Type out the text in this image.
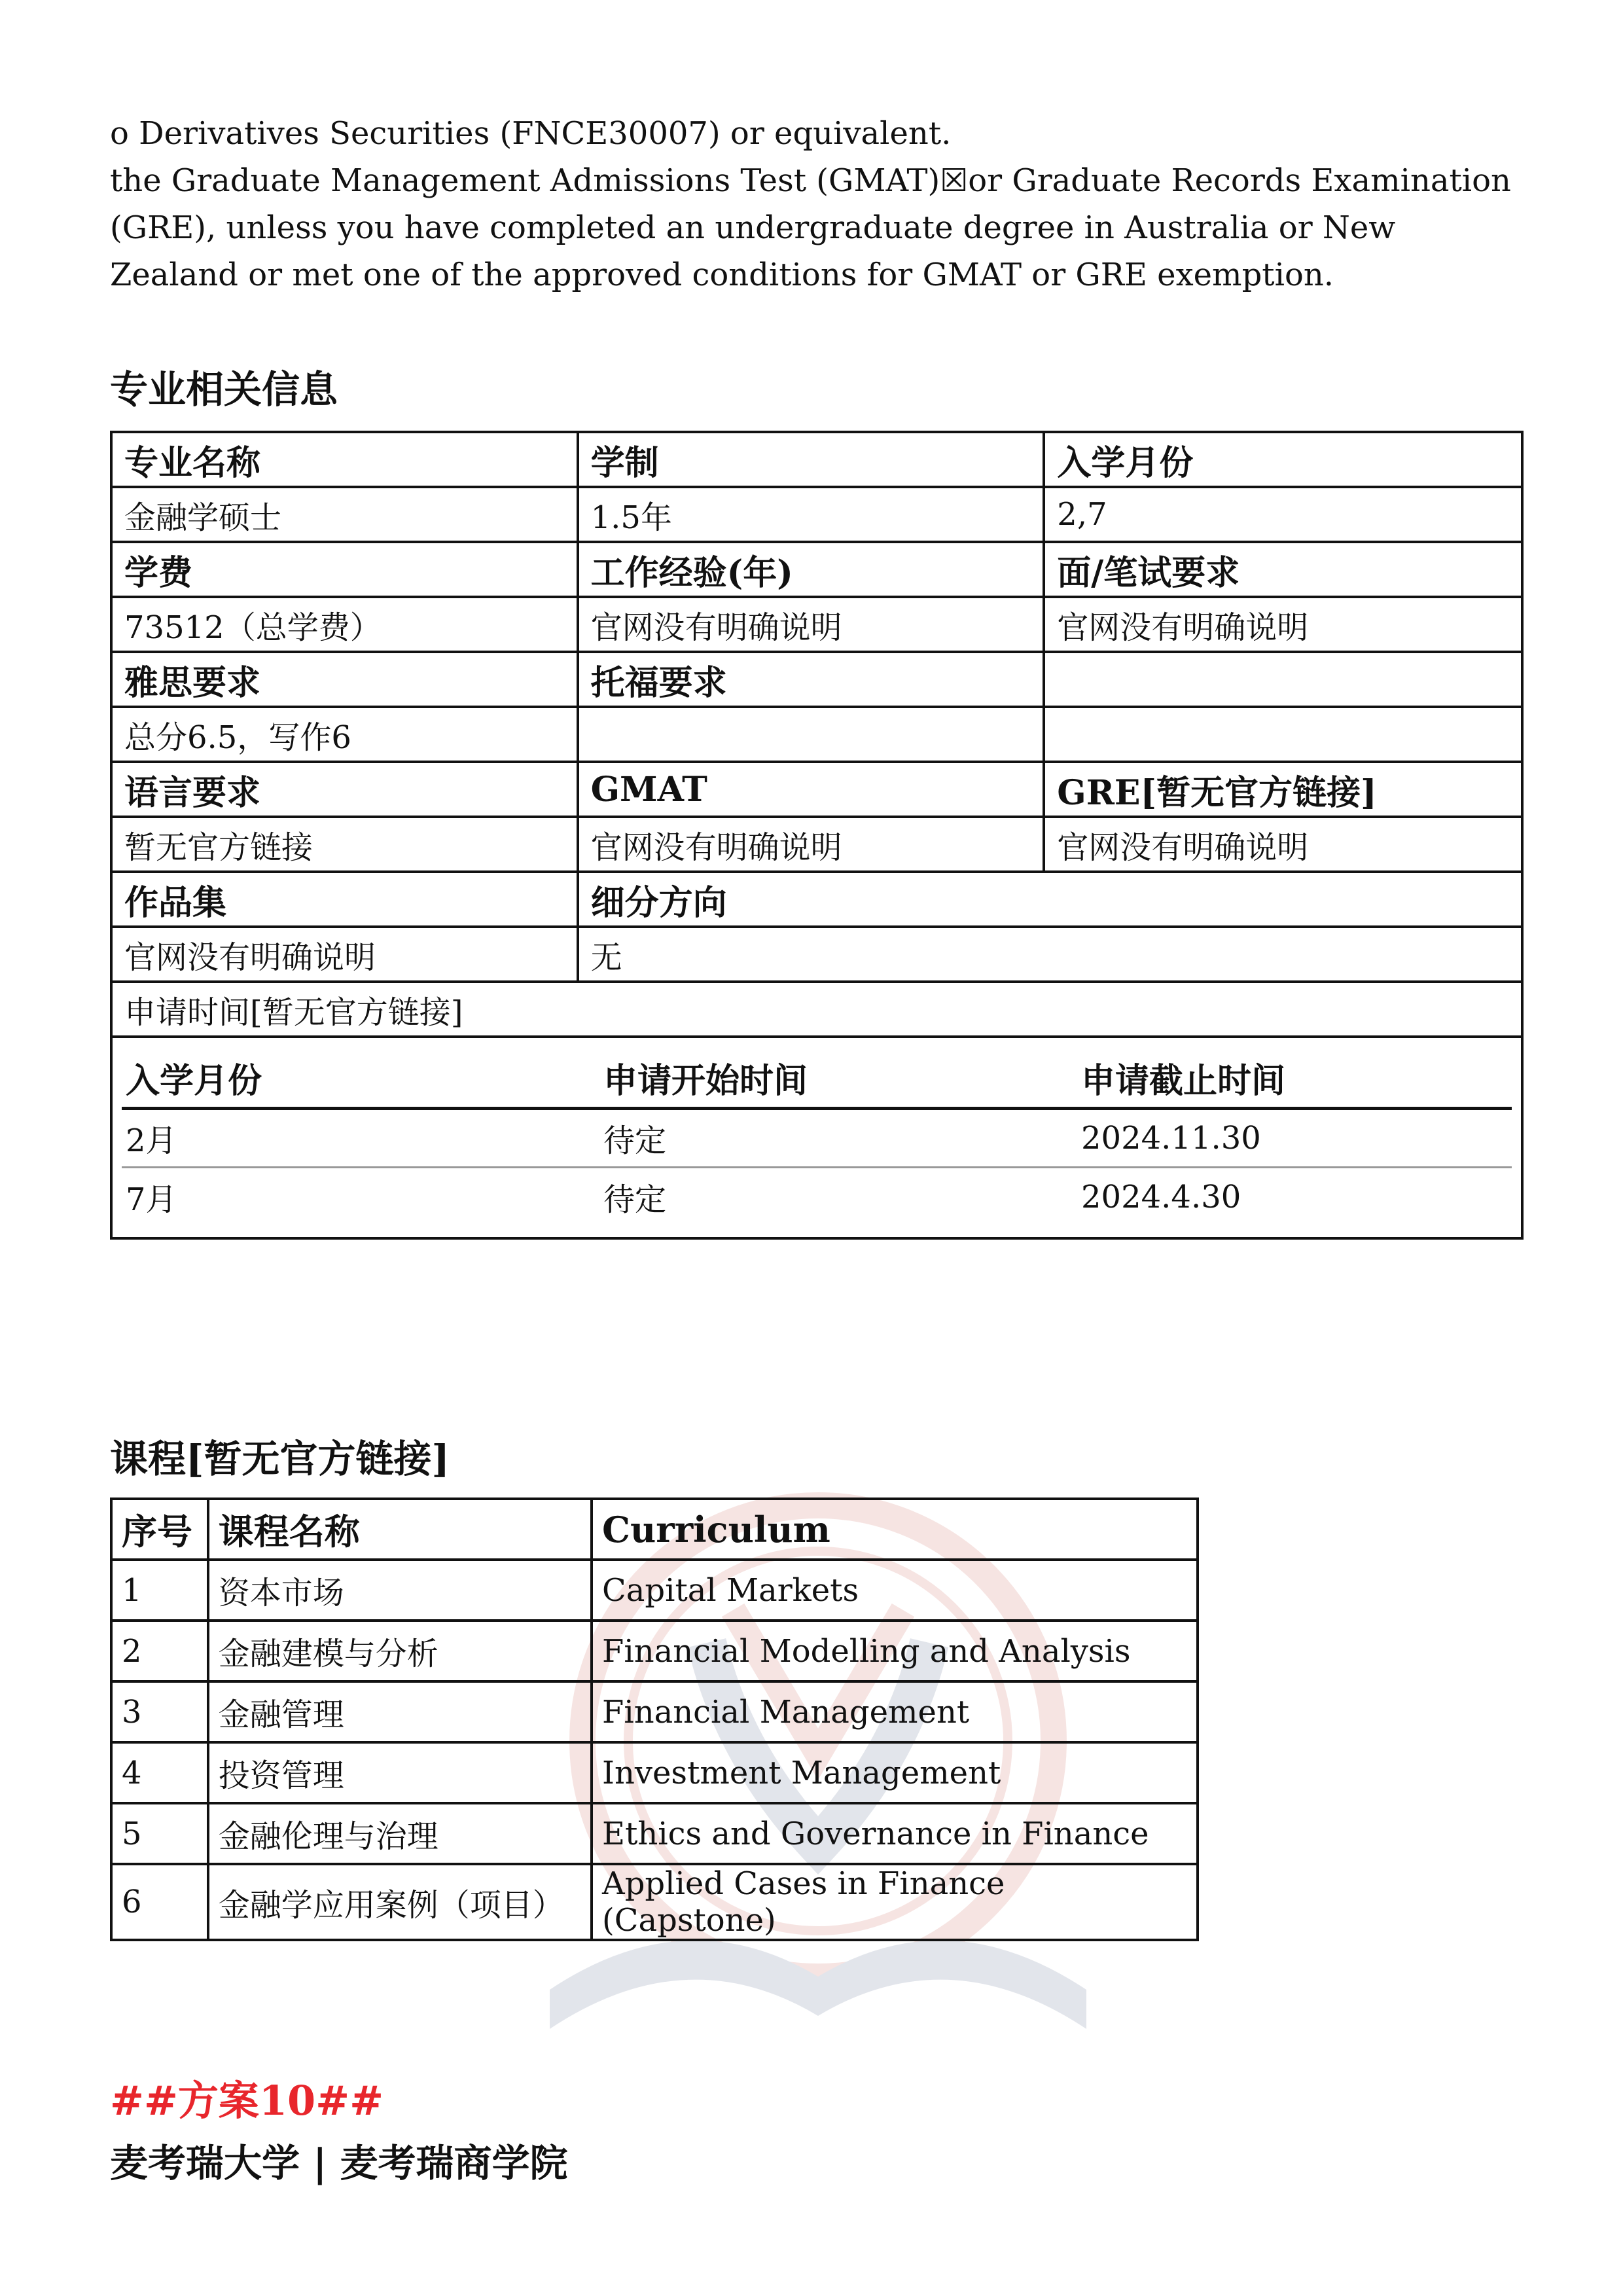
o Derivatives Securities (FNCE30007) or equivalent.

the Graduate Management Admissions Test (GMAT)☒or Graduate Records Examination (GRE), unless you have completed an undergraduate degree in Australia or New Zealand or met one of the approved conditions for GMAT or GRE exemption.

专业相关信息
专业名称	学制	入学月份
金融学硕士	1.5年	2,7
学费	工作经验(年)	面/笔试要求
73512（总学费）	官网没有明确说明	官网没有明确说明
雅思要求	托福要求	
总分6.5，写作6		
语言要求	GMAT	GRE[暂无官方链接]
暂无官方链接	官网没有明确说明	官网没有明确说明
作品集	细分方向
官网没有明确说明	无
申请时间[暂无官方链接]

入学月份	申请开始时间	申请截止时间
2月	待定	2024.11.30
7月	待定	2024.4.30
课程[暂无官方链接]
序号	课程名称	Curriculum
1	资本市场	Capital Markets
2	金融建模与分析	Financial Modelling and Analysis
3	金融管理	Financial Management
4	投资管理	Investment Management
5	金融伦理与治理	Ethics and Governance in Finance
6	金融学应用案例（项目）	Applied Cases in Finance (Capstone)

##方案10##

麦考瑞大学 | 麦考瑞商学院
